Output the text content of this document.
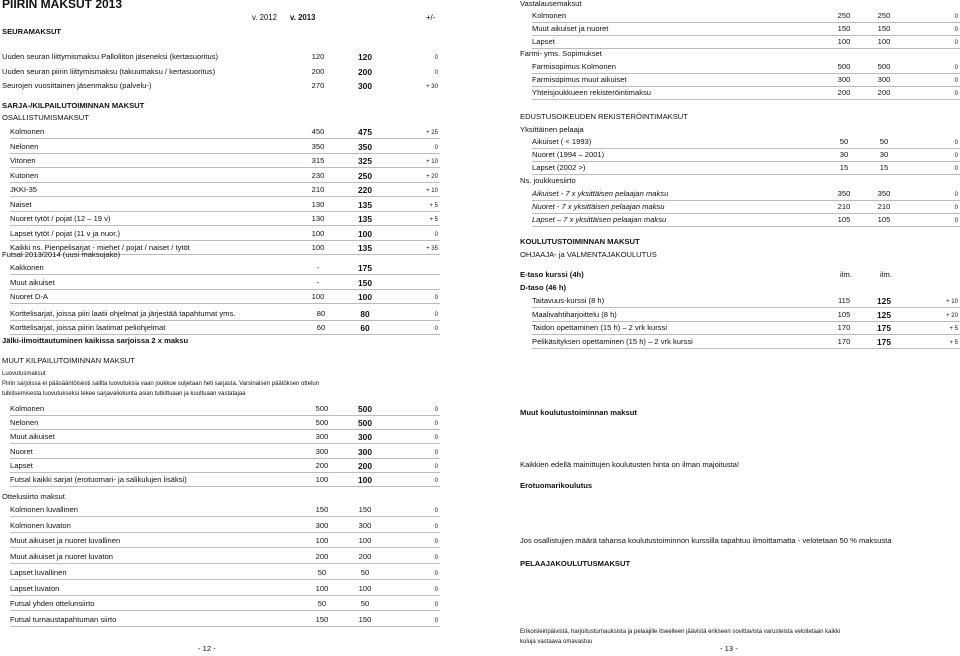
PIIRIN MAKSUT 2013
v. 2012 v. 2013	+/-
SEURAMAKSUT
Uuden seuran liittymismaksu Palloliiton jäseneksi (kertasuoritus)	120	120	0
Uuden seuran piirin liittymismaksu (takuumaksu / kertasuoritus)	200	200	0
Seurojen vuosittainen jäsenmaksu (palvelu-)	270	300	+ 30
SARJA-/KILPAILUTOIMINNAN MAKSUT
OSALLISTUMISMAKSUT
Kolmonen	450	475	+ 25
Nelonen	350	350	0
Vitonen	315	325	+ 10
Kutonen	230	250	+ 20
JKKI-35	210	220	+ 10
Naiset	130	135	+ 5
Nuoret tytöt / pojat (12 – 19 v)	130	135	+ 5
Lapset tytöt / pojat (11 v ja nuor.)	100	100	0
Kaikki ns. Pienpelisarjat - miehet / pojat / naiset / tytöt	100	135	+ 35
Futsal 2013/2014 (uusi maksujako)
Kakkonen	-	175
Muut aikuiset	-	150
Nuoret D-A	100	100	0
Korttelisarjat, joissa piiri laatii ohjelmat ja järjestää tapahtumat yms.	80	80	0
Korttelisarjat, joissa piirin laatimat peliohjelmat	60	60	0
Jälki-ilmoittautuminen kaikissa sarjoissa 2 x maksu
MUUT KILPAILUTOIMINNAN MAKSUT
Luovutusmaksut
Piirin sarjoissa ei pääsääntöisesti sallita luovutuksia vaan joukkue suljetaan heti sarjasta. Varsinaisen päätöksen ottelun
tulkitsemisesta luovutukseksi tekee sarjavaliokunta asian tutkittuaan ja kuultuaan vastatajaa
Kolmonen	500	500	0
Nelonen	500	500	0
Muut aikuiset	300	300	0
Nuoret	300	300	0
Lapset	200	200	0
Futsal kaikki sarjat (erotuomari- ja salikulujen lisäksi)	100	100	0
Ottelusiirto maksut
Kolmonen luvallinen	150	150	0
Kolmonen luvaton	300	300	0
Muut aikuiset ja nuoret luvallinen	100	100	0
Muut aikuiset ja nuoret luvaton	200	200	0
Lapset luvallinen	50	50	0
Lapset luvaton	100	100	0
Futsal yhden ottelunsiirto	50	50	0
Futsal turnaustapahtuman siirto	150	150	0
- 12 -
Vastalausemaksut
Kolmonen	250	250	0
Muut aikuiset ja nuoret	150	150	0
Lapset	100	100	0
Farmi- yms. Sopimukset
Farmisopimus Kolmonen	500	500	0
Farmisopimus muut aikuiset	300	300	0
Yhteisjoukkueen rekisteröintimaksu	200	200	0
EDUSTUSOIKEUDEN REKISTERÖINTIMAKSUT
Yksittäinen pelaaja
Aikuiset ( < 1993)	50	50	0
Nuoret (1994 – 2001)	30	30	0
Lapset (2002 >)	15	15	0
Ns. joukkuesiirto
Aikuiset - 7 x yksittäisen pelaajan maksu	350	350	0
Nuoret - 7 x yksittäisen pelaajan maksu	210	210	0
Lapset – 7 x yksittäisen pelaajan maksu	105	105	0
KOULUTUSTOIMINNAN MAKSUT
OHJAAJA- ja VALMENTAJAKOULUTUS
E-taso kurssi (4h)	ilm.	ilm.
D-taso (46 h)
Taitavuus-kurssi (8 h)	115	125	+ 10
Maalivahtiharjoittelu (8 h)	105	125	+ 20
Taidon opettaminen (15 h) – 2 vrk kurssi	170	175	+ 5
Pelikäsityksen opettaminen (15 h) – 2 vrk kurssi	170	175	+ 5
Muut koulutustoiminnan maksut
Kaikkien edellä mainittujen koulutusten hinta on ilman majoitusta!
Erotuomarikoulutus
Jos osallistujien määrä tahansa koulutustoiminnon kurssilla tapahtuu ilmoittamatta - velotetaan 50 % maksusta
PELAAJAKOULUTUSMAKSUT
Erikoisleiripäivistä, harjoitusturnauksista ja pelaajille itseelleen jäävistä erikseen sovittavista varusteista veloitetaan kaikki
kuluja vastaava omavastuu
- 13 -
